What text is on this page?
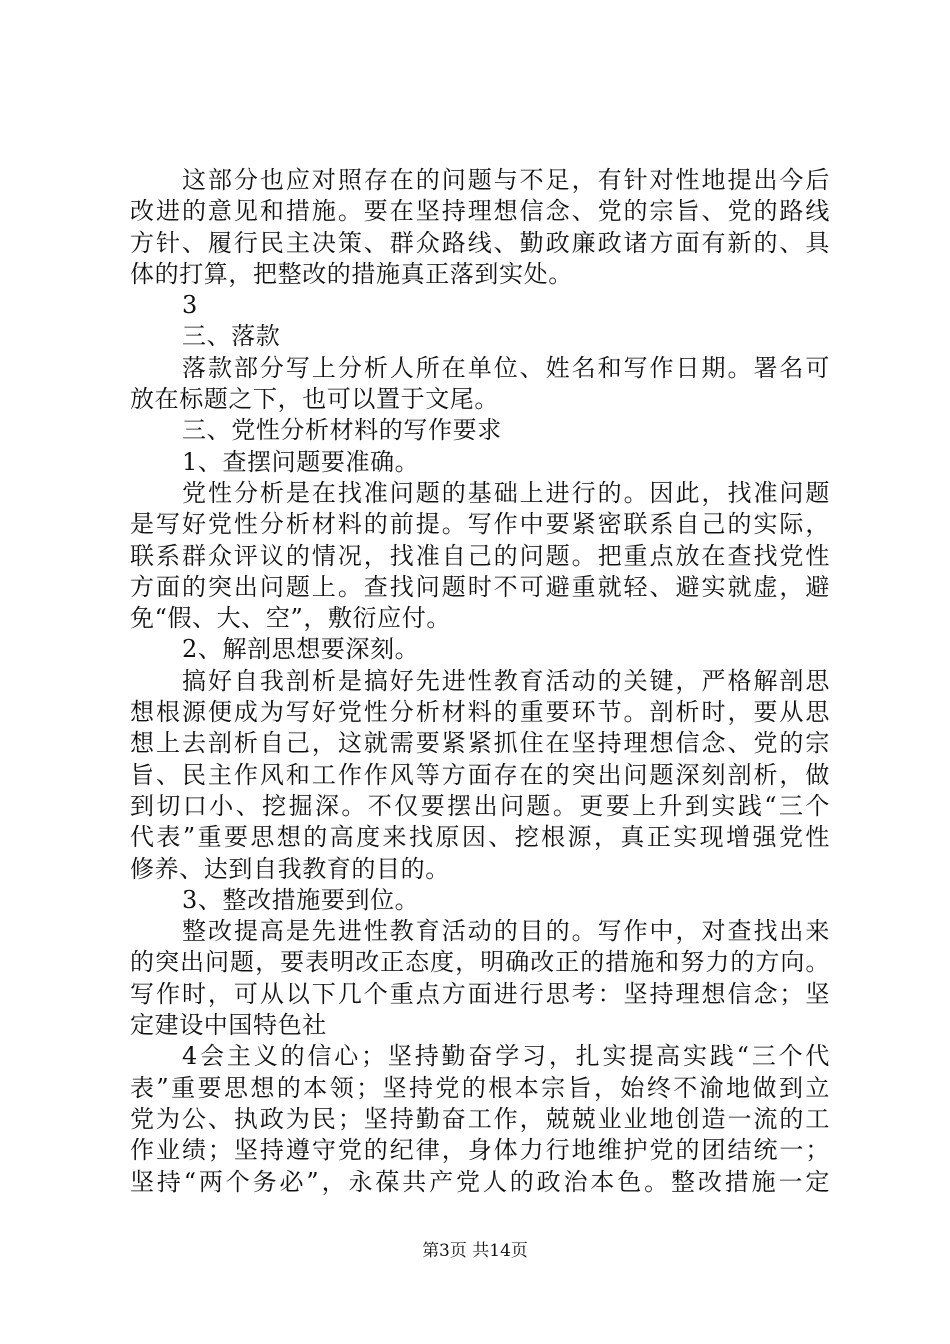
这部分也应对照存在的问题与不足，有针对性地提出今后
改进的意见和措施。要在坚持理想信念、党的宗旨、党的路线
方针、履行民主决策、群众路线、勤政廉政诸方面有新的、具
体的打算，把整改的措施真正落到实处。
3
三、落款
落款部分写上分析人所在单位、姓名和写作日期。署名可
放在标题之下，也可以置于文尾。
三、党性分析材料的写作要求
1、查摆问题要准确。
党性分析是在找准问题的基础上进行的。因此，找准问题
是写好党性分析材料的前提。写作中要紧密联系自己的实际，
联系群众评议的情况，找准自己的问题。把重点放在查找党性
方面的突出问题上。查找问题时不可避重就轻、避实就虚，避
免“假、大、空”，敷衍应付。
2、解剖思想要深刻。
搞好自我剖析是搞好先进性教育活动的关键，严格解剖思
想根源便成为写好党性分析材料的重要环节。剖析时，要从思
想上去剖析自己，这就需要紧紧抓住在坚持理想信念、党的宗
旨、民主作风和工作作风等方面存在的突出问题深刻剖析，做
到切口小、挖掘深。不仅要摆出问题。更要上升到实践“三个
代表”重要思想的高度来找原因、挖根源，真正实现增强党性
修养、达到自我教育的目的。
3、整改措施要到位。
整改提高是先进性教育活动的目的。写作中，对查找出来
的突出问题，要表明改正态度，明确改正的措施和努力的方向。
写作时，可从以下几个重点方面进行思考：坚持理想信念；坚
定建设中国特色社
4会主义的信心；坚持勤奋学习，扎实提高实践“三个代
表”重要思想的本领；坚持党的根本宗旨，始终不渝地做到立
党为公、执政为民；坚持勤奋工作，兢兢业业地创造一流的工
作业绩；坚持遵守党的纪律，身体力行地维护党的团结统一；
坚持“两个务必”，永葆共产党人的政治本色。整改措施一定
第3页 共14页
